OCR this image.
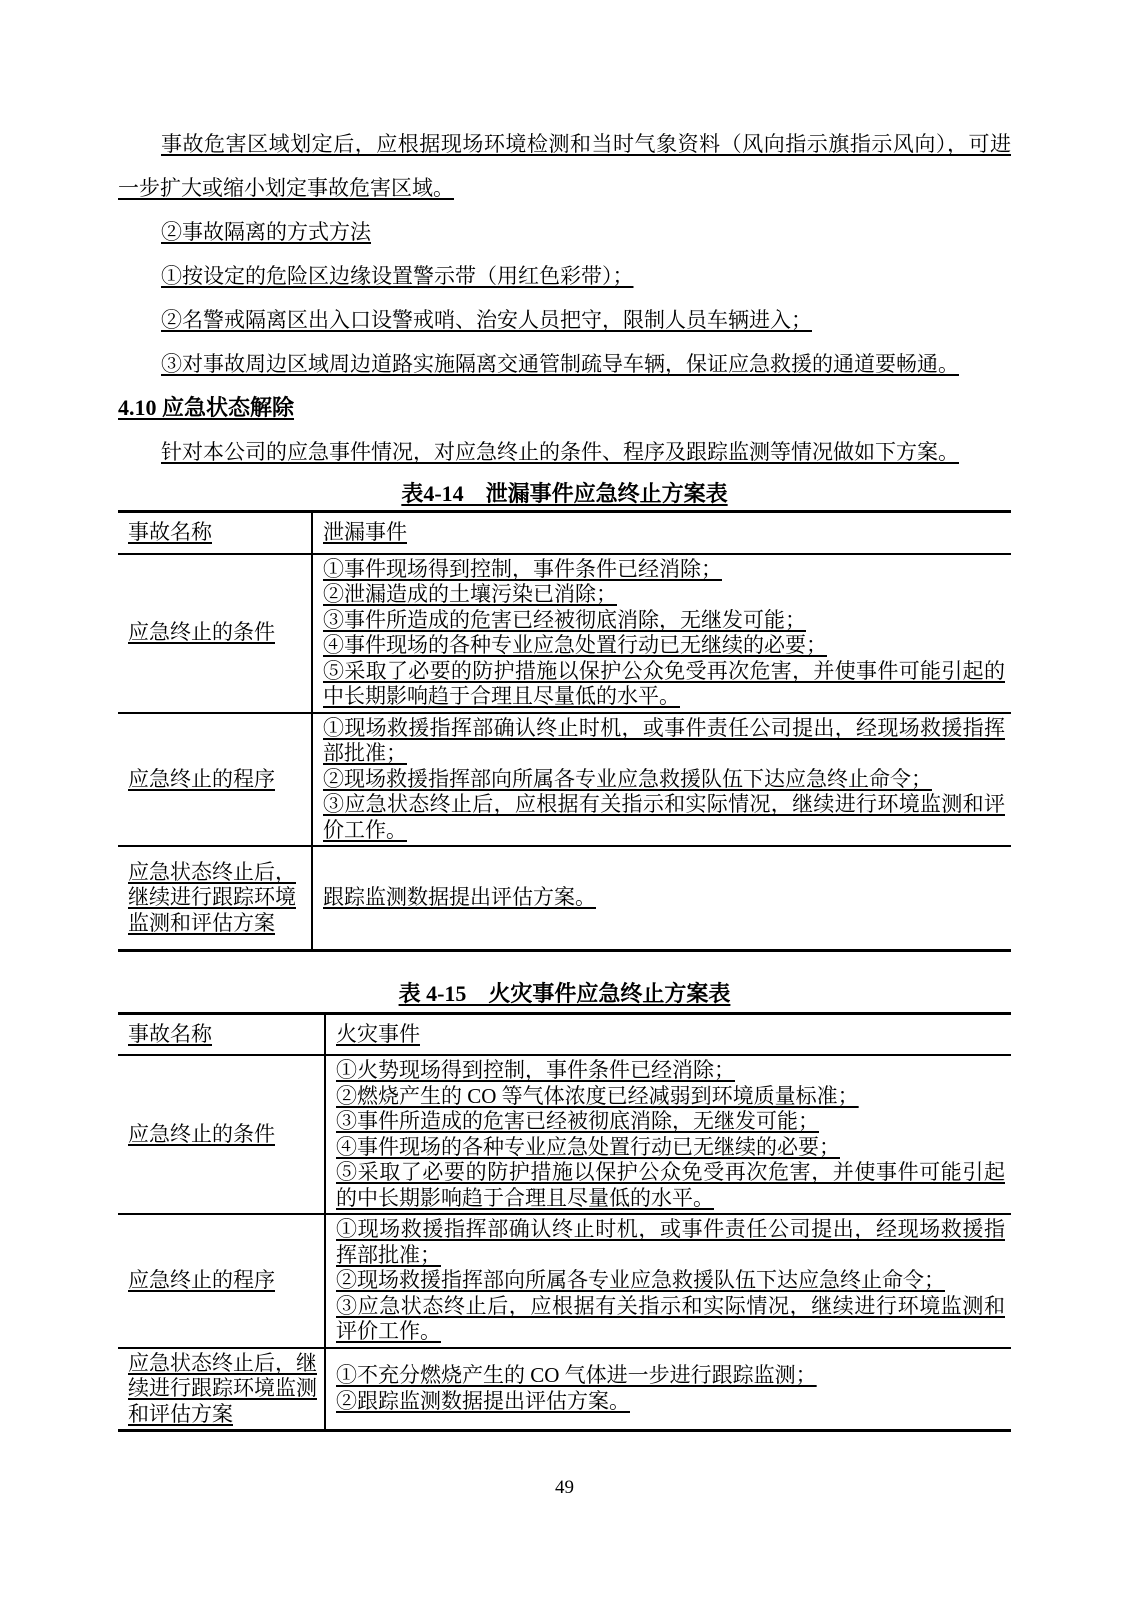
事故危害区域划定后，应根据现场环境检测和当时气象资料（风向指示旗指示风向），可进一步扩大或缩小划定事故危害区域。

②事故隔离的方式方法

①按设定的危险区边缘设置警示带（用红色彩带）；

②名警戒隔离区出入口设警戒哨、治安人员把守，限制人员车辆进入；

③对事故周边区域周边道路实施隔离交通管制疏导车辆，保证应急救援的通道要畅通。

4.10 应急状态解除

针对本公司的应急事件情况，对应急终止的条件、程序及跟踪监测等情况做如下方案。

表4-14　泄漏事件应急终止方案表
事故名称	泄漏事件

应急终止的条件	①事件现场得到控制，事件条件已经消除；
②泄漏造成的土壤污染已消除；
③事件所造成的危害已经被彻底消除，无继发可能；
④事件现场的各种专业应急处置行动已无继续的必要；
⑤采取了必要的防护措施以保护公众免受再次危害，并使事件可能引起的中长期影响趋于合理且尽量低的水平。

应急终止的程序	①现场救援指挥部确认终止时机，或事件责任公司提出，经现场救援指挥部批准；
②现场救援指挥部向所属各专业应急救援队伍下达应急终止命令；
③应急状态终止后，应根据有关指示和实际情况，继续进行环境监测和评价工作。

应急状态终止后，继续进行跟踪环境监测和评估方案	跟踪监测数据提出评估方案。
表 4-15　火灾事件应急终止方案表
事故名称	火灾事件

应急终止的条件	①火势现场得到控制，事件条件已经消除；
②燃烧产生的 CO 等气体浓度已经减弱到环境质量标准；
③事件所造成的危害已经被彻底消除，无继发可能；
④事件现场的各种专业应急处置行动已无继续的必要；
⑤采取了必要的防护措施以保护公众免受再次危害，并使事件可能引起的中长期影响趋于合理且尽量低的水平。

应急终止的程序	①现场救援指挥部确认终止时机，或事件责任公司提出，经现场救援指挥部批准；
②现场救援指挥部向所属各专业应急救援队伍下达应急终止命令；
③应急状态终止后，应根据有关指示和实际情况，继续进行环境监测和评价工作。

应急状态终止后，继续进行跟踪环境监测和评估方案	①不充分燃烧产生的 CO 气体进一步进行跟踪监测；
②跟踪监测数据提出评估方案。
49
